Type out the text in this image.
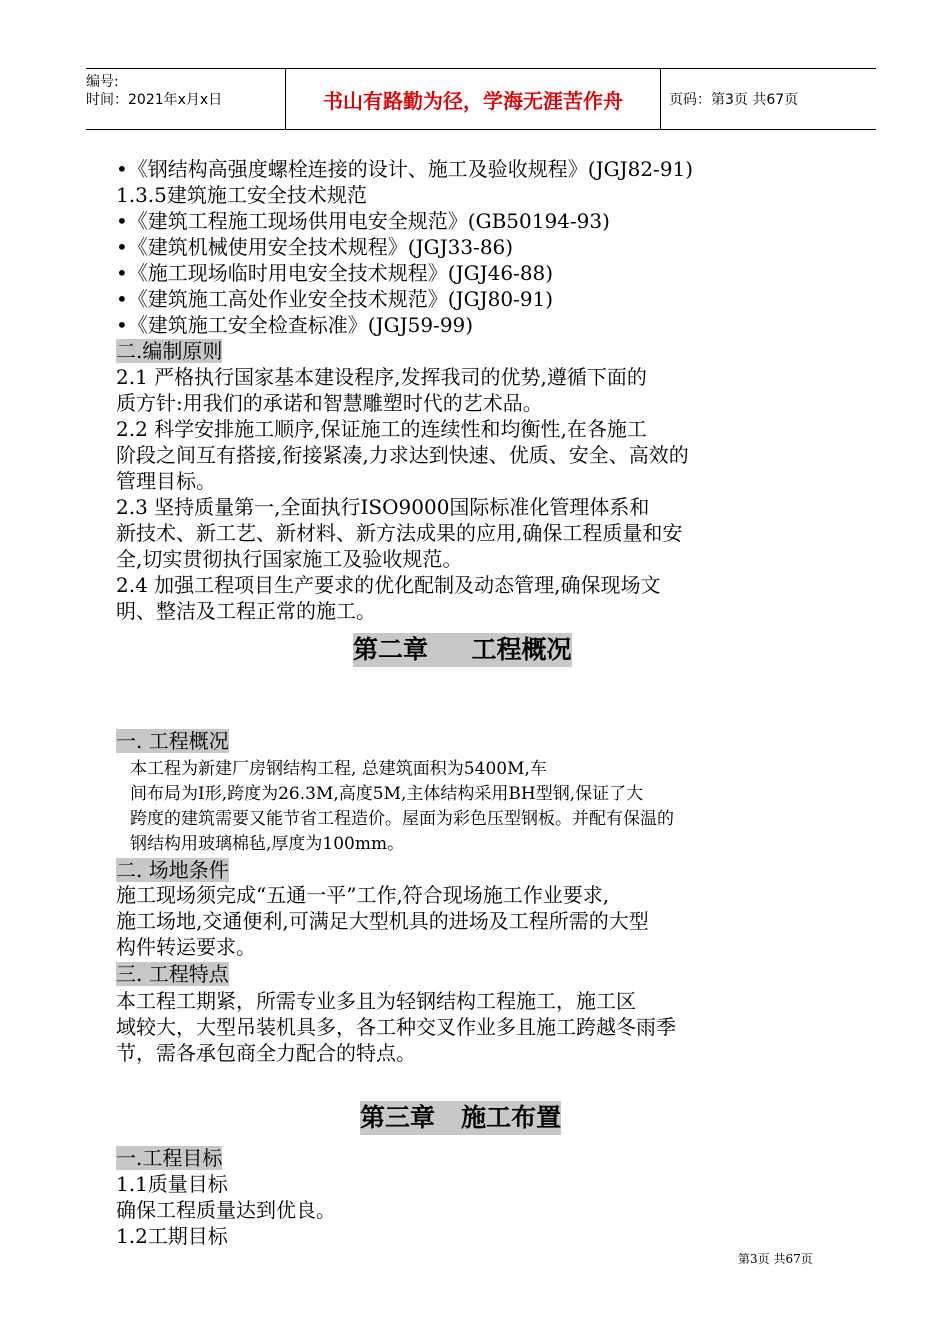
编号:
时间：2021年x月x日	书山有路勤为径，学海无涯苦作舟	页码：第3页 共67页
•《钢结构高强度螺栓连接的设计、施工及验收规程》(JGJ82-91)
1.3.5建筑施工安全技术规范
•《建筑工程施工现场供用电安全规范》(GB50194-93)
•《建筑机械使用安全技术规程》(JGJ33-86)
•《施工现场临时用电安全技术规程》(JGJ46-88)
•《建筑施工高处作业安全技术规范》(JGJ80-91)
•《建筑施工安全检查标准》(JGJ59-99)
二.编制原则
2.1 严格执行国家基本建设程序,发挥我司的优势,遵循下面的
质方针:用我们的承诺和智慧雕塑时代的艺术品。
2.2 科学安排施工顺序,保证施工的连续性和均衡性,在各施工
阶段之间互有搭接,衔接紧凑,力求达到快速、优质、安全、高效的
管理目标。
2.3 坚持质量第一,全面执行ISO9000国际标准化管理体系和
新技术、新工艺、新材料、新方法成果的应用,确保工程质量和安
全,切实贯彻执行国家施工及验收规范。
2.4 加强工程项目生产要求的优化配制及动态管理,确保现场文
明、整洁及工程正常的施工。
第二章     工程概况
一. 工程概况
本工程为新建厂房钢结构工程, 总建筑面积为5400M,车
间布局为I形,跨度为26.3M,高度5M,主体结构采用BH型钢,保证了大
跨度的建筑需要又能节省工程造价。屋面为彩色压型钢板。并配有保温的
钢结构用玻璃棉毡,厚度为100mm。
二. 场地条件
施工现场须完成“五通一平”工作,符合现场施工作业要求,
施工场地,交通便利,可满足大型机具的进场及工程所需的大型
构件转运要求。
三. 工程特点
本工程工期紧，所需专业多且为轻钢结构工程施工，施工区
域较大，大型吊装机具多，各工种交叉作业多且施工跨越冬雨季
节，需各承包商全力配合的特点。
第三章   施工布置
一.工程目标
1.1质量目标
确保工程质量达到优良。
1.2工期目标
第3页 共67页
